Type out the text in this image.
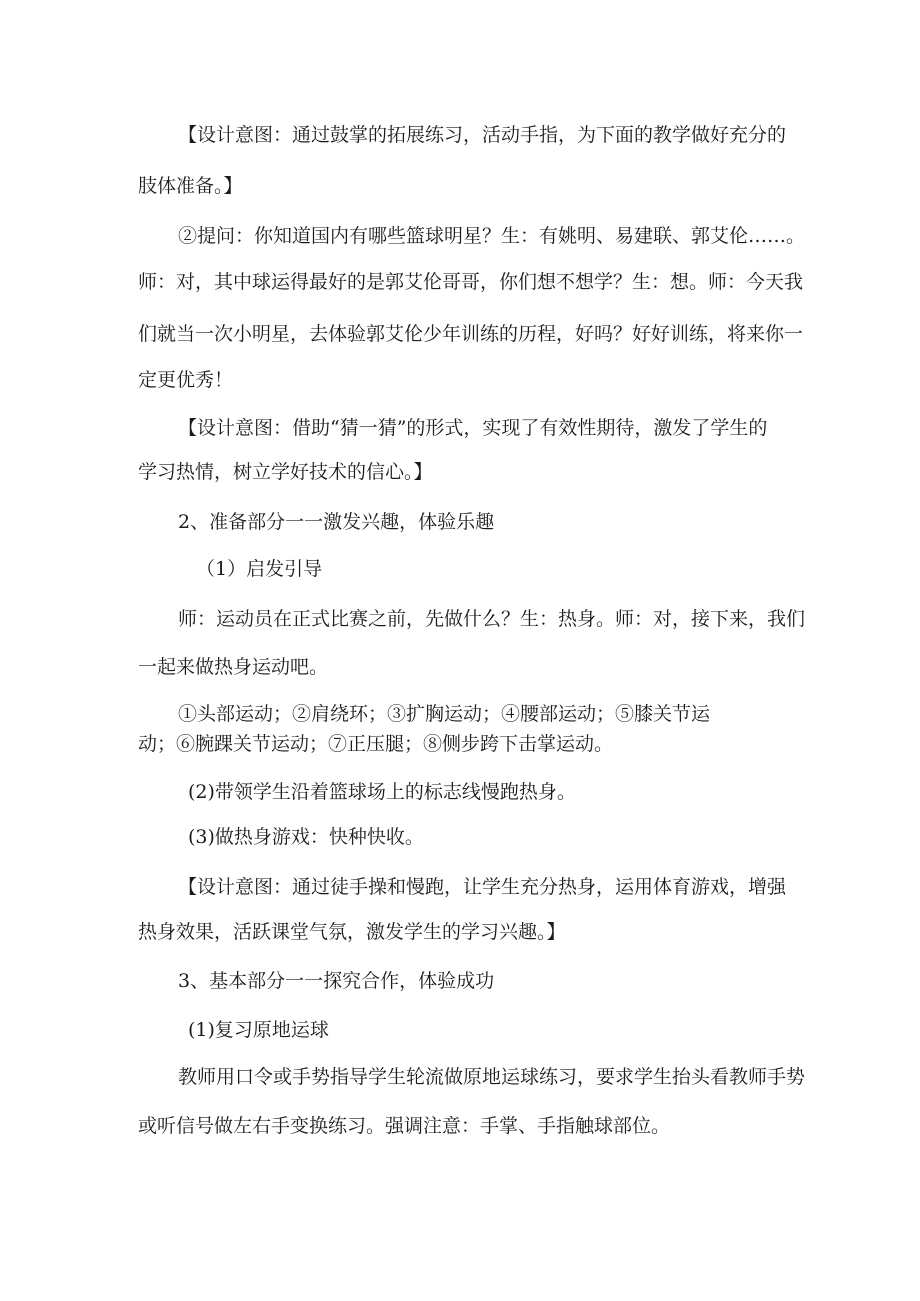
【设计意图：通过鼓掌的拓展练习，活动手指，为下面的教学做好充分的
肢体准备。】
②提问：你知道国内有哪些篮球明星？生：有姚明、易建联、郭艾伦……。
师：对，其中球运得最好的是郭艾伦哥哥，你们想不想学？生：想。师：今天我
们就当一次小明星，去体验郭艾伦少年训练的历程，好吗？好好训练，将来你一
定更优秀！
【设计意图：借助“猜一猜”的形式，实现了有效性期待，激发了学生的
学习热情，树立学好技术的信心。】
2、准备部分一一激发兴趣，体验乐趣
（1）启发引导
师：运动员在正式比赛之前，先做什么？生：热身。师：对，接下来，我们
一起来做热身运动吧。
①头部运动；②肩绕环；③扩胸运动；④腰部运动；⑤膝关节运
动；⑥腕踝关节运动；⑦正压腿；⑧侧步跨下击掌运动。
(2)带领学生沿着篮球场上的标志线慢跑热身。
(3)做热身游戏：快种快收。
【设计意图：通过徒手操和慢跑，让学生充分热身，运用体育游戏，增强
热身效果，活跃课堂气氛，激发学生的学习兴趣。】
3、基本部分一一探究合作，体验成功
(1)复习原地运球
教师用口令或手势指导学生轮流做原地运球练习，要求学生抬头看教师手势
或听信号做左右手变换练习。强调注意：手掌、手指触球部位。
